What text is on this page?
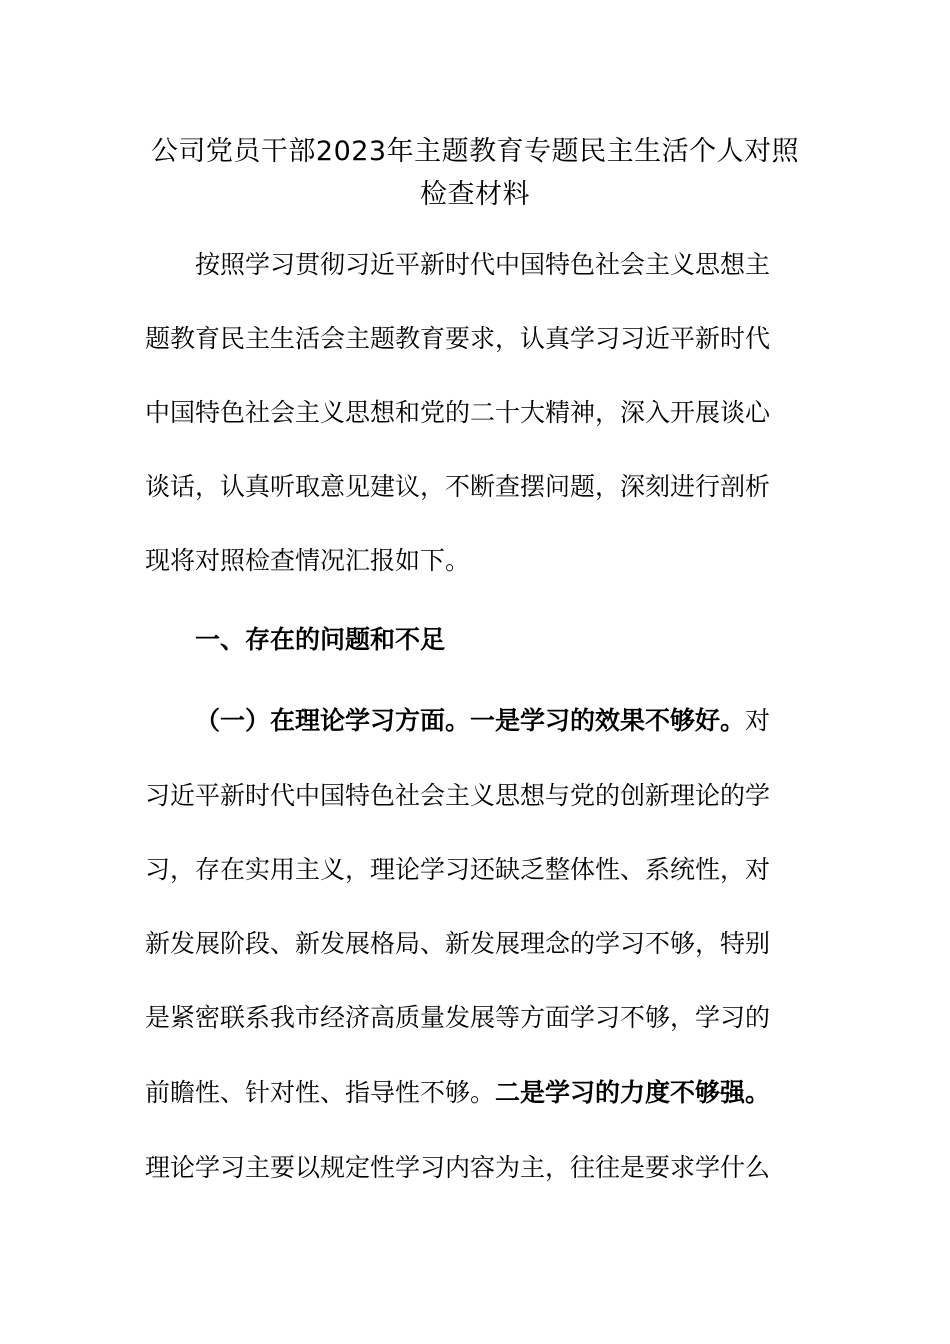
公司党员干部2023年主题教育专题民主生活个人对照检查材料

按照学习贯彻习近平新时代中国特色社会主义思想主

题教育民主生活会主题教育要求，认真学习习近平新时代

中国特色社会主义思想和党的二十大精神，深入开展谈心

谈话，认真听取意见建议，不断查摆问题，深刻进行剖析

现将对照检查情况汇报如下。

一、存在的问题和不足

（一）在理论学习方面。一是学习的效果不够好。对

习近平新时代中国特色社会主义思想与党的创新理论的学

习，存在实用主义，理论学习还缺乏整体性、系统性，对

新发展阶段、新发展格局、新发展理念的学习不够，特别

是紧密联系我市经济高质量发展等方面学习不够，学习的

前瞻性、针对性、指导性不够。二是学习的力度不够强。

理论学习主要以规定性学习内容为主，往往是要求学什么
